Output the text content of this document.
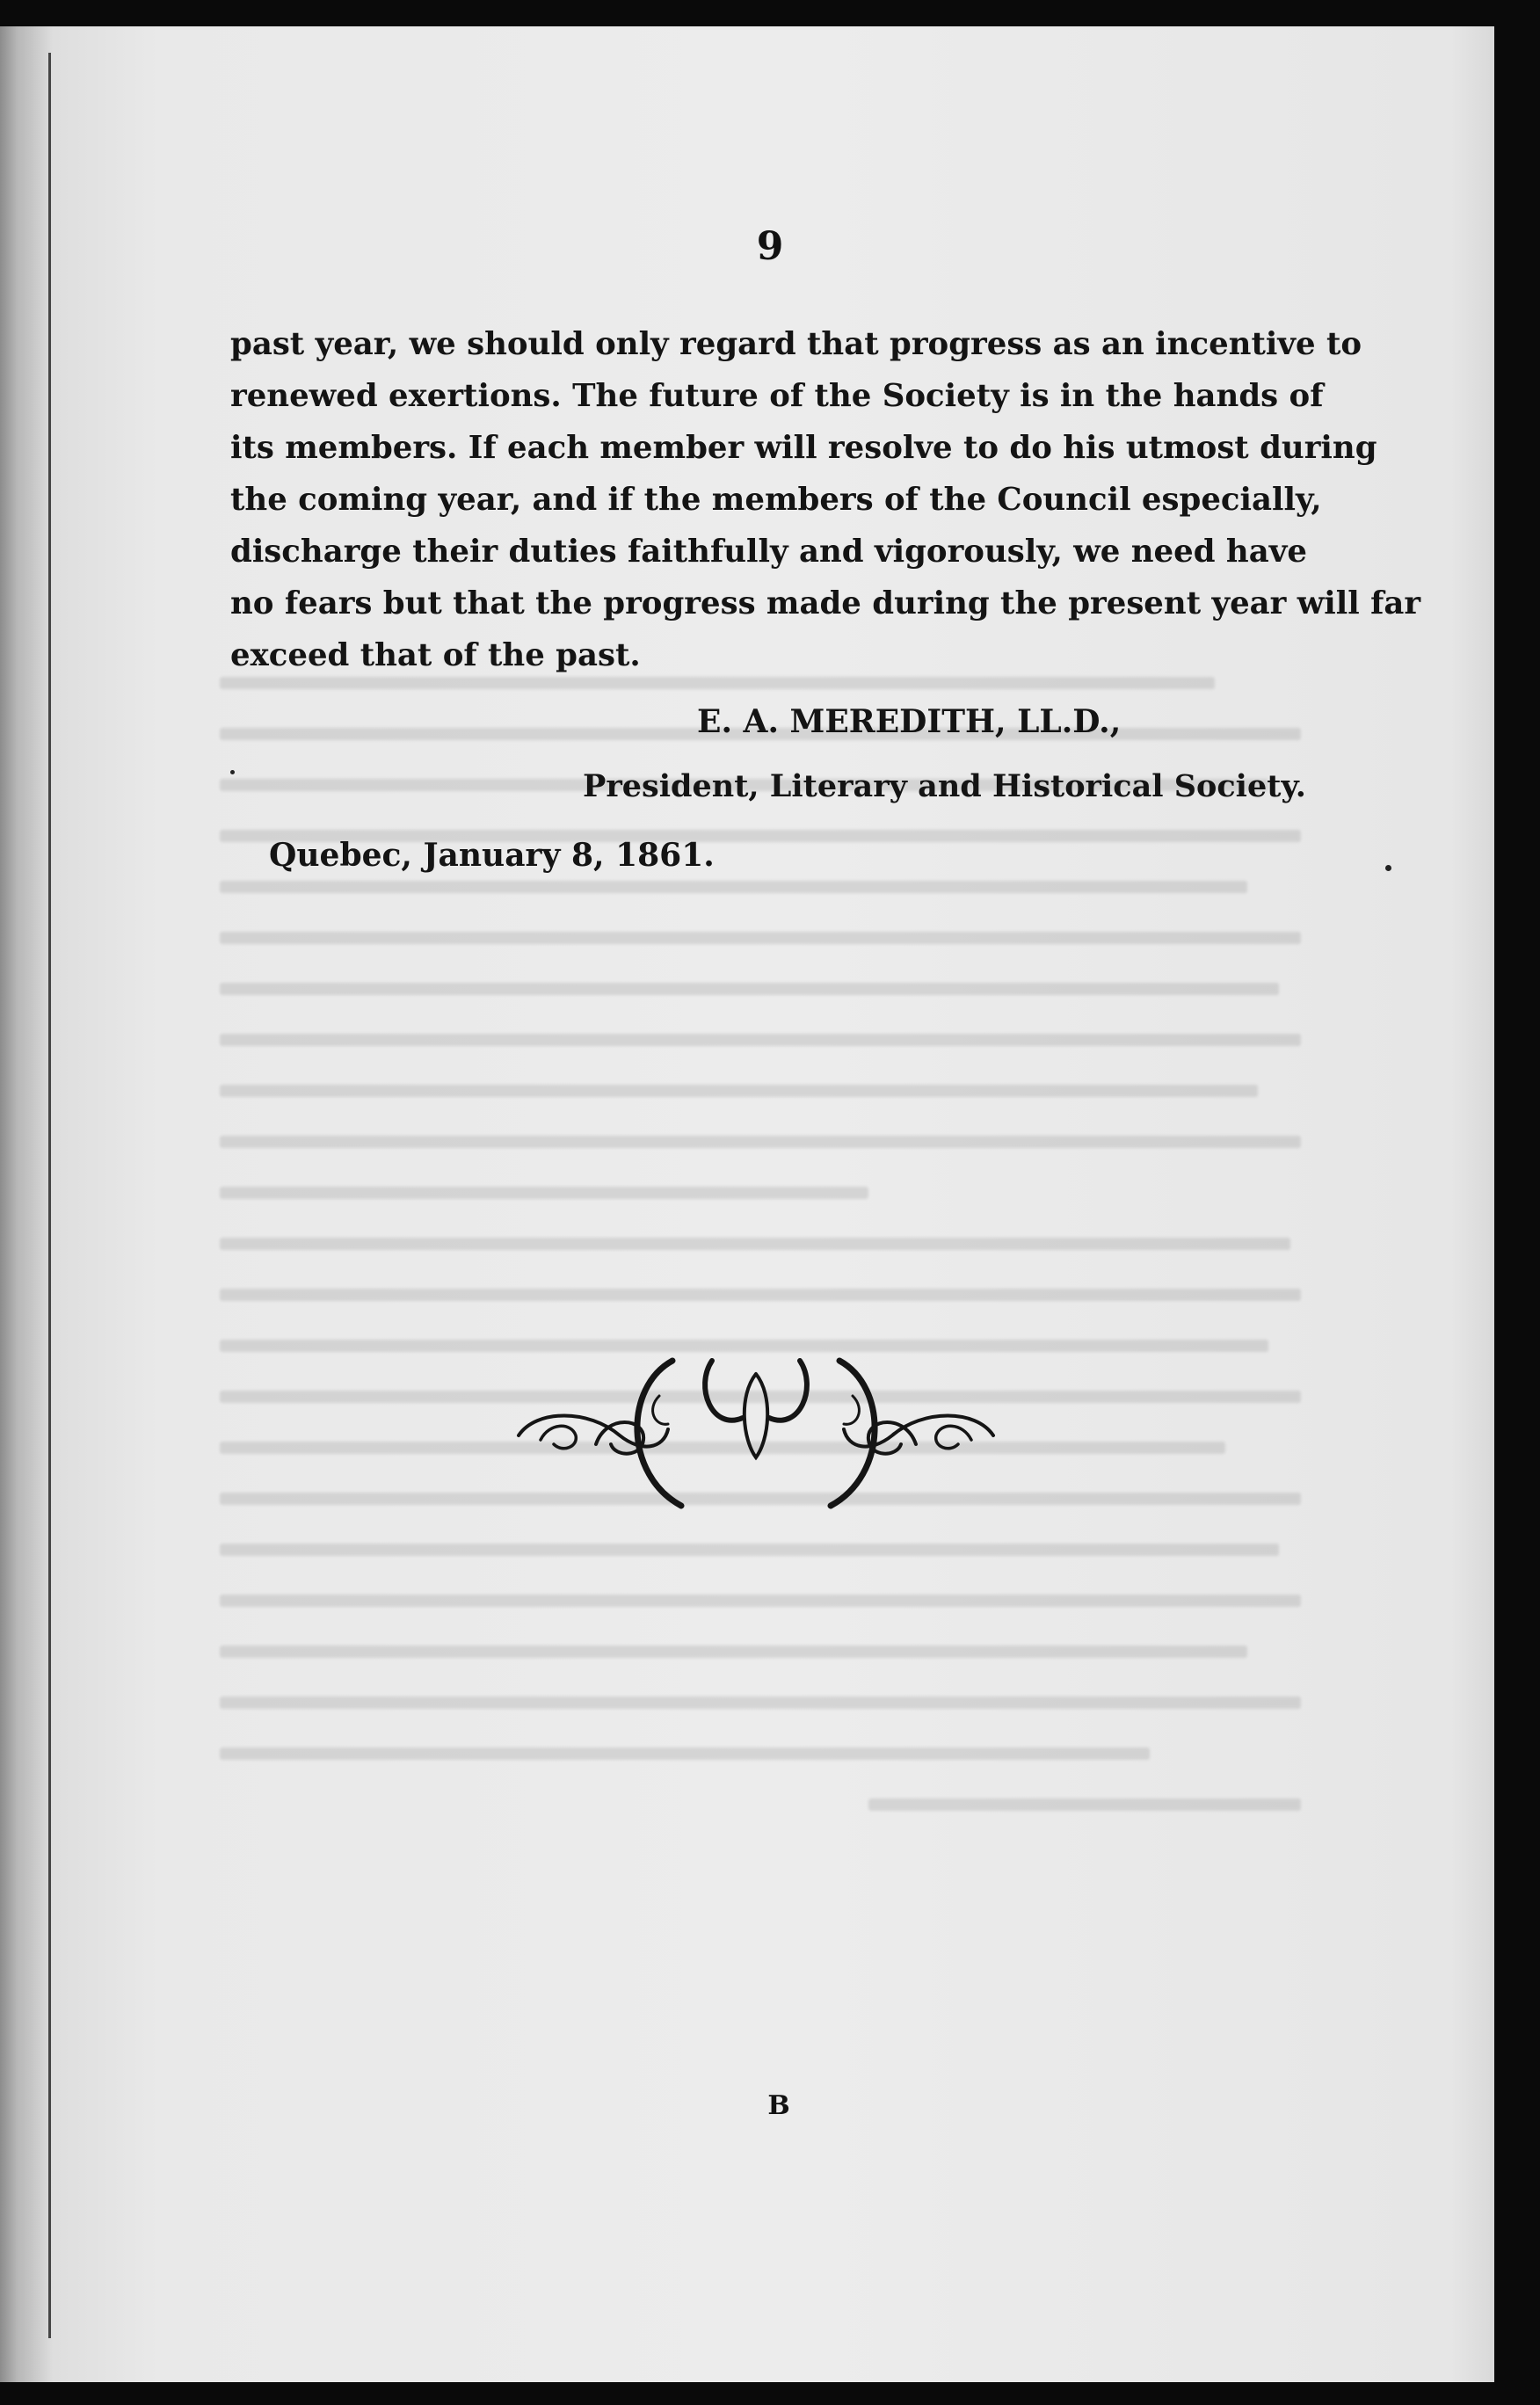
9
past year, we should only regard that progress as an incentive to
renewed exertions. The future of the Society is in the hands of
its members. If each member will resolve to do his utmost during
the coming year, and if the members of the Council especially,
discharge their duties faithfully and vigorously, we need have
no fears but that the progress made during the present year will far
exceed that of the past.
E. A. MEREDITH, LL.D.,
President, Literary and Historical Society.
Quebec, January 8, 1861.
B
